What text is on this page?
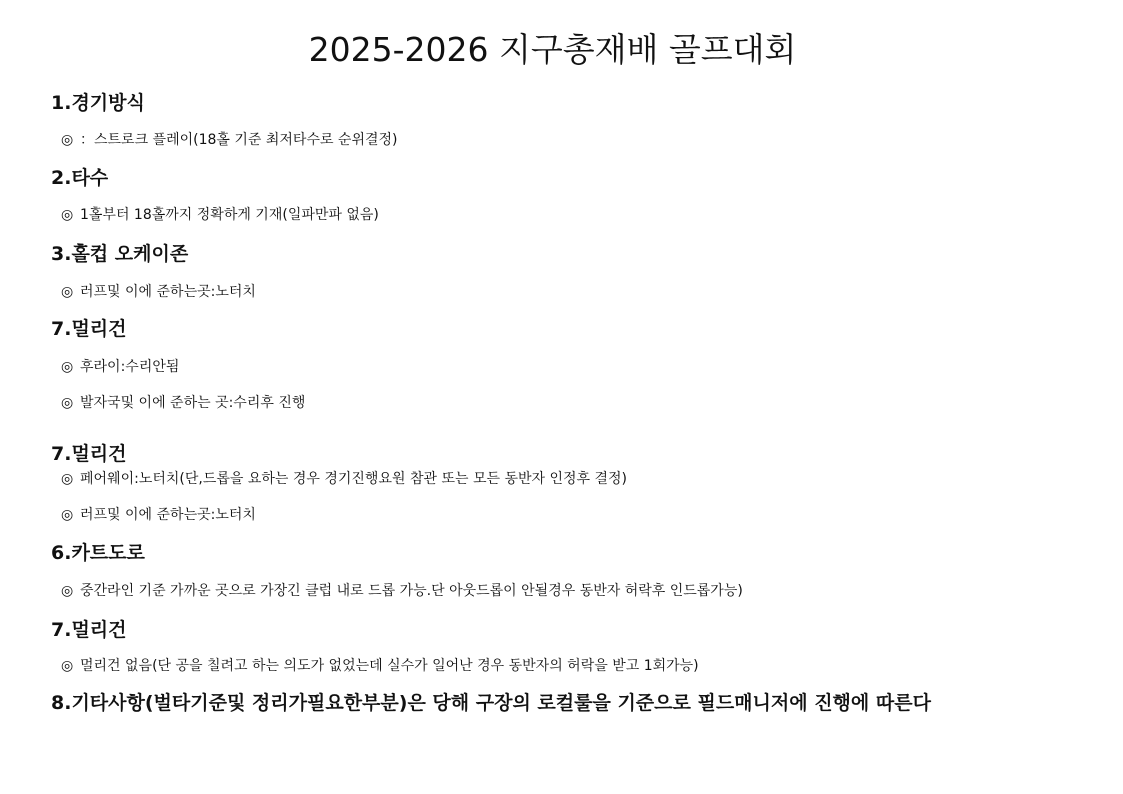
2025-2026 지구총재배 골프대회
1.경기방식

◎ ：스트로크 플레이(18홀 기준 최저타수로 순위결정)

2.타수

◎ 1홀부터 18홀까지 정확하게 기재(일파만파 없음)

3.홀컵 오케이존

◎ 러프및 이에 준하는곳:노터치

7.멀리건

◎ 후라이:수리안됨

◎ 발자국및 이에 준하는 곳:수리후 진행

7.멀리건

◎ 페어웨이:노터치(단,드롭을 요하는 경우 경기진행요원 참관 또는 모든 동반자 인정후 결정)

◎ 러프및 이에 준하는곳:노터치

6.카트도로

◎ 중간라인 기준 가까운 곳으로 가장긴 클럽 내로 드롭 가능.단 아웃드롭이 안될경우 동반자 허락후 인드롭가능)

7.멀리건

◎ 멀리건 없음(단 공을 칠려고 하는 의도가 없었는데 실수가 일어난 경우 동반자의 허락을 받고 1회가능)

8.기타사항(벌타기준및 정리가필요한부분)은 당해 구장의 로컬룰을 기준으로 필드매니저에 진행에 따른다
